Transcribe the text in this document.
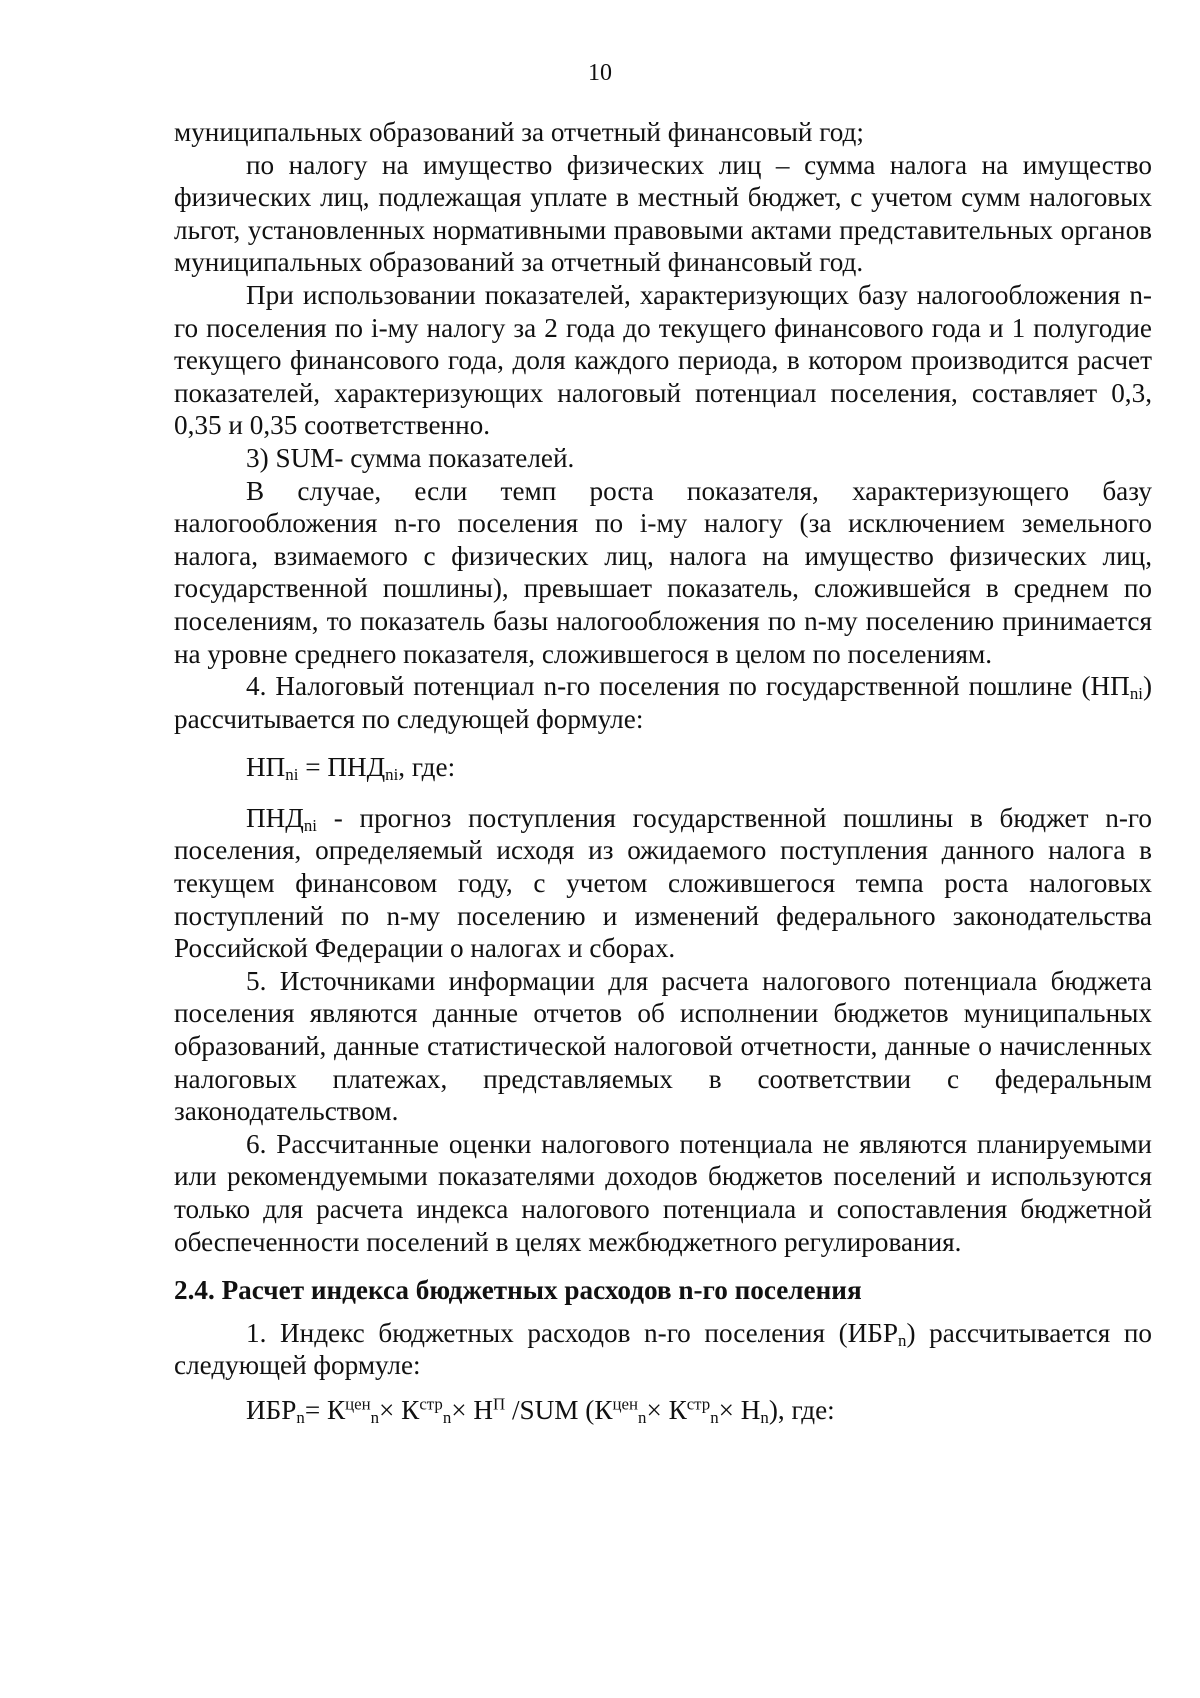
10

муниципальных образований за отчетный финансовый год;

по налогу на имущество физических лиц – сумма налога на имущество физических лиц, подлежащая уплате в местный бюджет, с учетом сумм налоговых льгот, установленных нормативными правовыми актами представительных органов муниципальных образований за отчетный финансовый год.

При использовании показателей, характеризующих базу налогообложения n-го поселения по i-му налогу за 2 года до текущего финансового года и 1 полугодие текущего финансового года, доля каждого периода, в котором производится расчет показателей, характеризующих налоговый потенциал поселения, составляет 0,3, 0,35 и 0,35 соответственно.

3) SUM- сумма показателей.

В случае, если темп роста показателя, характеризующего базу налогообложения n-го поселения по i-му налогу (за исключением земельного налога, взимаемого с физических лиц, налога на имущество физических лиц, государственной пошлины), превышает показатель, сложившейся в среднем по поселениям, то показатель базы налогообложения по n-му поселению принимается на уровне среднего показателя, сложившегося в целом по поселениям.

4. Налоговый потенциал n-го поселения по государственной пошлине $(НП_{ni})$ рассчитывается по следующей формуле:

$НП_{ni} = ПНД_{ni}$, где:

$ПНД_{ni}$ - прогноз поступления государственной пошлины в бюджет n-го поселения, определяемый исходя из ожидаемого поступления данного налога в текущем финансовом году, с учетом сложившегося темпа роста налоговых поступлений по n-му поселению и изменений федерального законодательства Российской Федерации о налогах и сборах.

5. Источниками информации для расчета налогового потенциала бюджета поселения являются данные отчетов об исполнении бюджетов муниципальных образований, данные статистической налоговой отчетности, данные о начисленных налоговых платежах, представляемых в соответствии с федеральным законодательством.

6. Рассчитанные оценки налогового потенциала не являются планируемыми или рекомендуемыми показателями доходов бюджетов поселений и используются только для расчета индекса налогового потенциала и сопоставления бюджетной обеспеченности поселений в целях межбюджетного регулирования.

2.4. Расчет индекса бюджетных расходов n-го поселения

1. Индекс бюджетных расходов n-го поселения $(ИБР_n)$ рассчитывается по следующей формуле:

$ИБР_n= К^{цен}_n\times К^{стр}_n\times Н^П$ /SUM $(К^{цен}_n\times К^{стр}_n\times Н_n)$, где:
